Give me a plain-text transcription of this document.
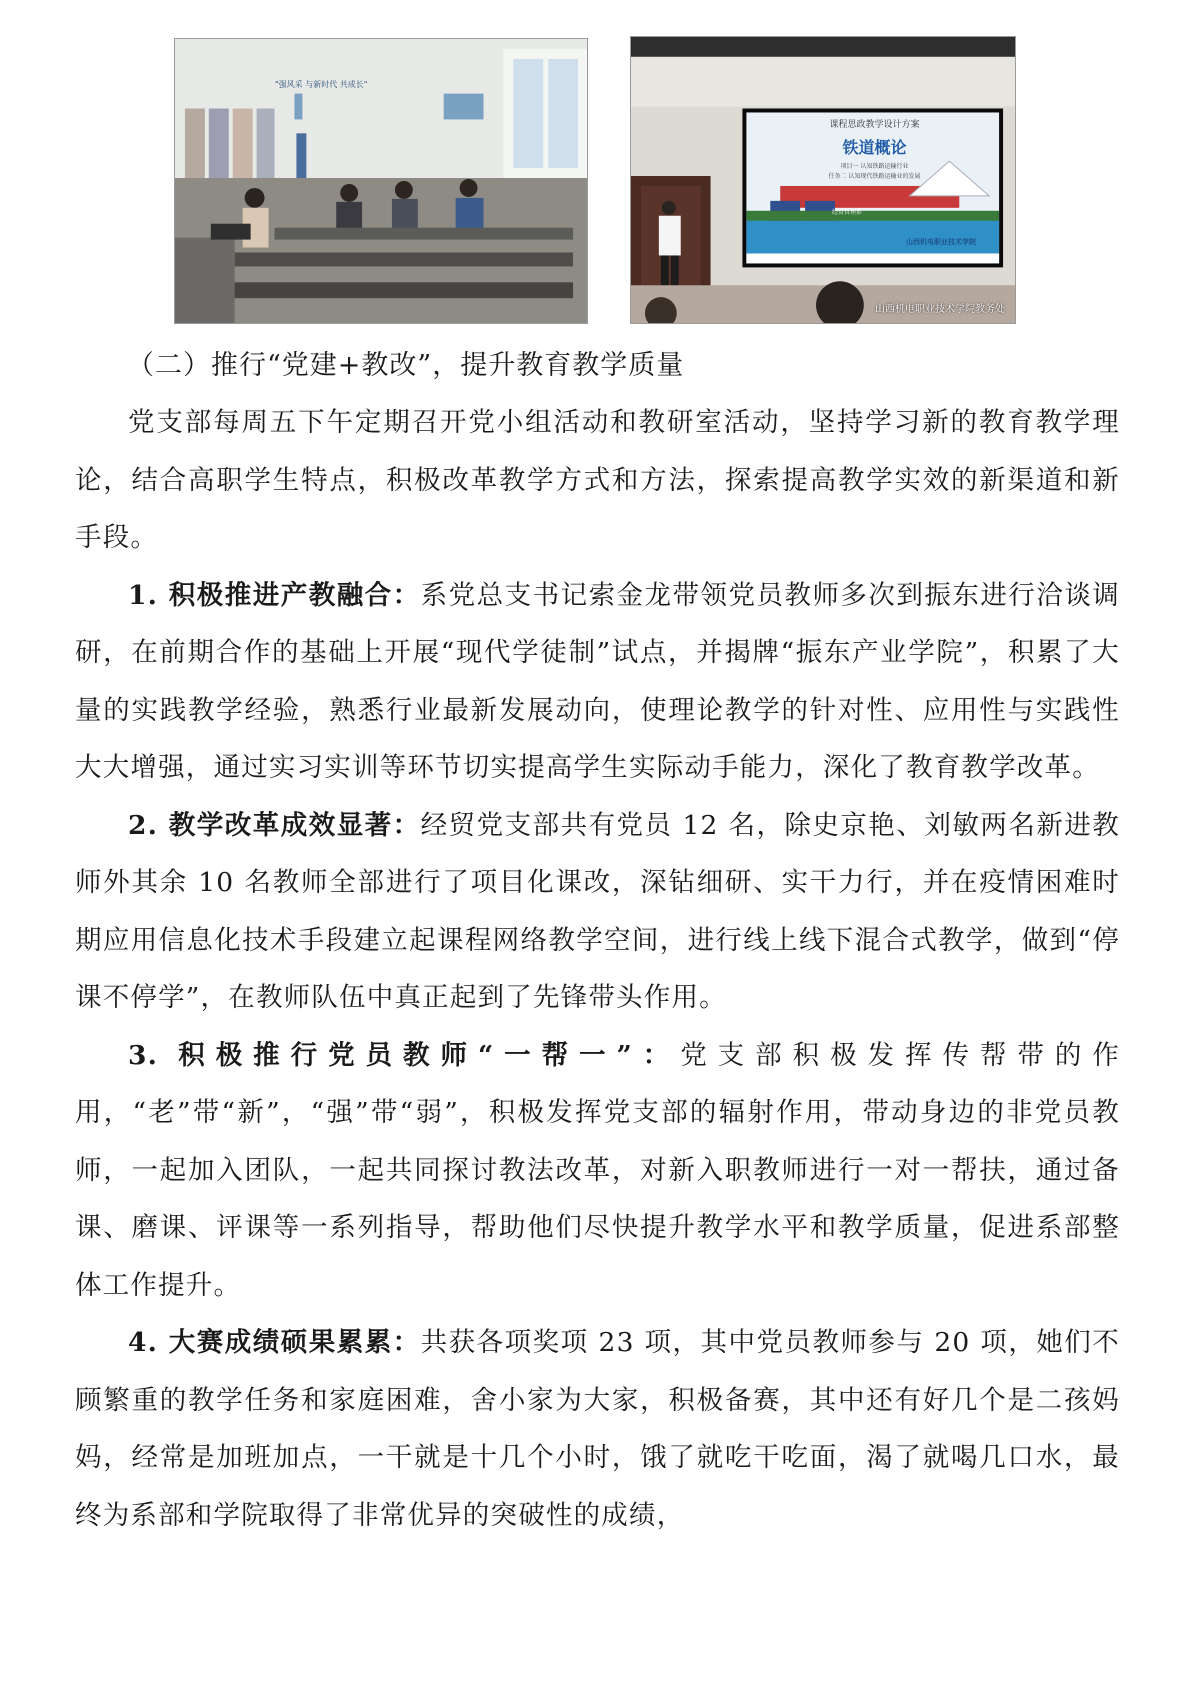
"强风采 与新时代 共成长"
课程思政教学设计方案
铁道概论
项目一 认知铁路运输行业
任务二 认知现代铁路运输业的发展
经贸管理系
山西机电职业技术学院
山西机电职业技术学院教务处
（二）推行“党建+教改”，提升教育教学质量

党支部每周五下午定期召开党小组活动和教研室活动，坚持学习新的教育教学理论，结合高职学生特点，积极改革教学方式和方法，探索提高教学实效的新渠道和新手段。

1. 积极推进产教融合：系党总支书记索金龙带领党员教师多次到振东进行洽谈调研，在前期合作的基础上开展“现代学徒制”试点，并揭牌“振东产业学院”，积累了大量的实践教学经验，熟悉行业最新发展动向，使理论教学的针对性、应用性与实践性大大增强，通过实习实训等环节切实提高学生实际动手能力，深化了教育教学改革。

2. 教学改革成效显著：经贸党支部共有党员 12 名，除史京艳、刘敏两名新进教师外其余 10 名教师全部进行了项目化课改，深钻细研、实干力行，并在疫情困难时期应用信息化技术手段建立起课程网络教学空间，进行线上线下混合式教学，做到“停课不停学”，在教师队伍中真正起到了先锋带头作用。

3. 积极推行党员教师“一帮一”：党支部积极发挥传帮带的作用，“老”带“新”，“强”带“弱”，积极发挥党支部的辐射作用，带动身边的非党员教师，一起加入团队，一起共同探讨教法改革，对新入职教师进行一对一帮扶，通过备课、磨课、评课等一系列指导，帮助他们尽快提升教学水平和教学质量，促进系部整体工作提升。

4. 大赛成绩硕果累累：共获各项奖项 23 项，其中党员教师参与 20 项，她们不顾繁重的教学任务和家庭困难，舍小家为大家，积极备赛，其中还有好几个是二孩妈妈，经常是加班加点，一干就是十几个小时，饿了就吃干吃面，渴了就喝几口水，最终为系部和学院取得了非常优异的突破性的成绩，
